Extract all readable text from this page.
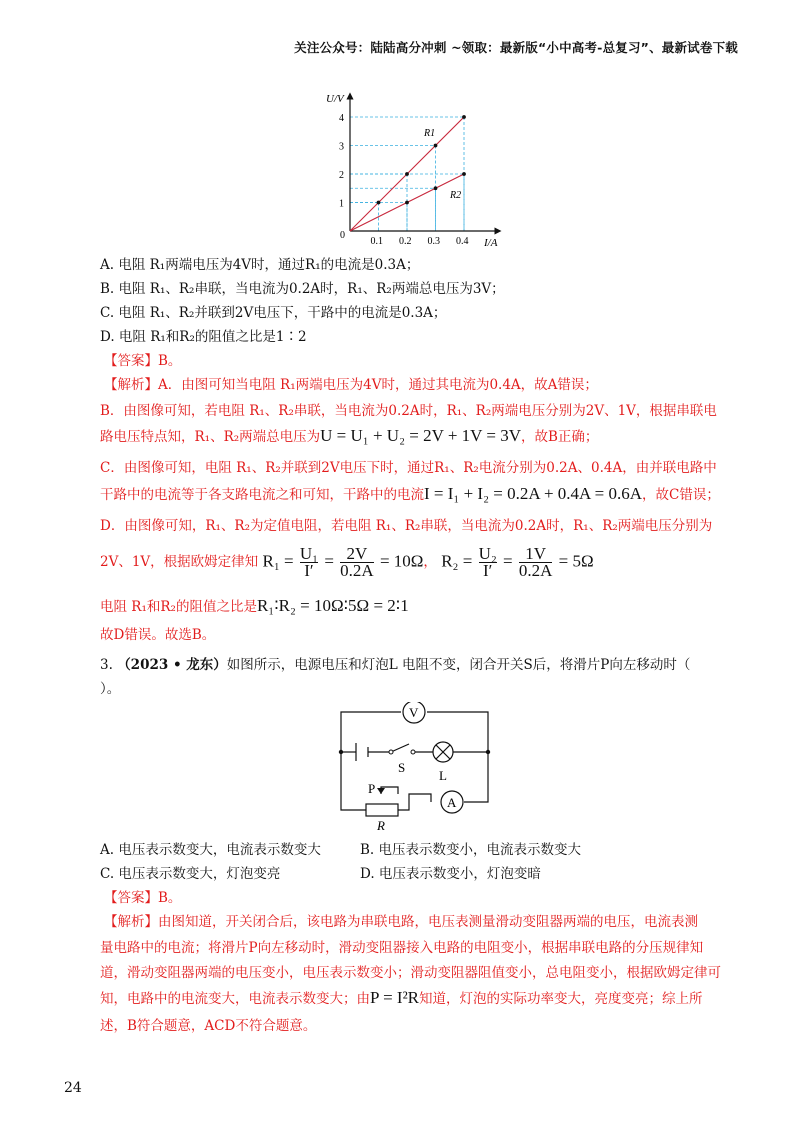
关注公众号：陆陆高分冲刺 ~领取：最新版“小中高考-总复习”、最新试卷下载
0.1 0.2 0.3 0.4
1
2
3
4
U/V
I/A
0
R1
R2
A. 电阻 R₁两端电压为4V时，通过R₁的电流是0.3A；
B. 电阻 R₁、R₂串联，当电流为0.2A时，R₁、R₂两端总电压为3V；
C. 电阻 R₁、R₂并联到2V电压下，干路中的电流是0.3A；
D. 电阻 R₁和R₂的阻值之比是1∶2
【答案】B。
【解析】A．由图可知当电阻 R₁两端电压为4V时，通过其电流为0.4A，故A错误；
B．由图像可知，若电阻 R₁、R₂串联，当电流为0.2A时，R₁、R₂两端电压分别为2V、1V，根据串联电
路电压特点知，R₁、R₂两端总电压为U = U₁ + U₂ = 2V + 1V = 3V，故B正确；
C．由图像可知，电阻 R₁、R₂并联到2V电压下时，通过R₁、R₂电流分别为0.2A、0.4A，由并联电路中
干路中的电流等于各支路电流之和可知，干路中的电流I = I₁ + I₂ = 0.2A + 0.4A = 0.6A，故C错误；
D．由图像可知，R₁、R₂为定值电阻，若电阻 R₁、R₂串联，当电流为0.2A时，R₁、R₂两端电压分别为
2V、1V，根据欧姆定律知 $R_1 = \frac{\text{U₁}}{I'} = \frac{2V}{0.2A} = 10\Omega$， $R_2 = \frac{\text{U₂}}{I'} = \frac{1V}{0.2A} = 5\Omega$
电阻 R₁和R₂的阻值之比是R₁∶R₂ = 10Ω∶5Ω = 2∶1
故D错误。故选B。
3. （2023 • 龙东）如图所示，电源电压和灯泡L 电阻不变，闭合开关S后，将滑片P向左移动时（
）。
V
A
S
L
P
R
A. 电压表示数变大，电流表示数变大	B. 电压表示数变小，电流表示数变大
C. 电压表示数变大，灯泡变亮	D. 电压表示数变小，灯泡变暗
【答案】B。
【解析】由图知道，开关闭合后，该电路为串联电路，电压表测量滑动变阻器两端的电压，电流表测
量电路中的电流；将滑片P向左移动时，滑动变阻器接入电路的电阻变小，根据串联电路的分压规律知
道，滑动变阻器两端的电压变小，电压表示数变小；滑动变阻器阻值变小，总电阻变小，根据欧姆定律可
知，电路中的电流变大，电流表示数变大；由P = I²R知道，灯泡的实际功率变大，亮度变亮；综上所
述，B符合题意，ACD不符合题意。
24
